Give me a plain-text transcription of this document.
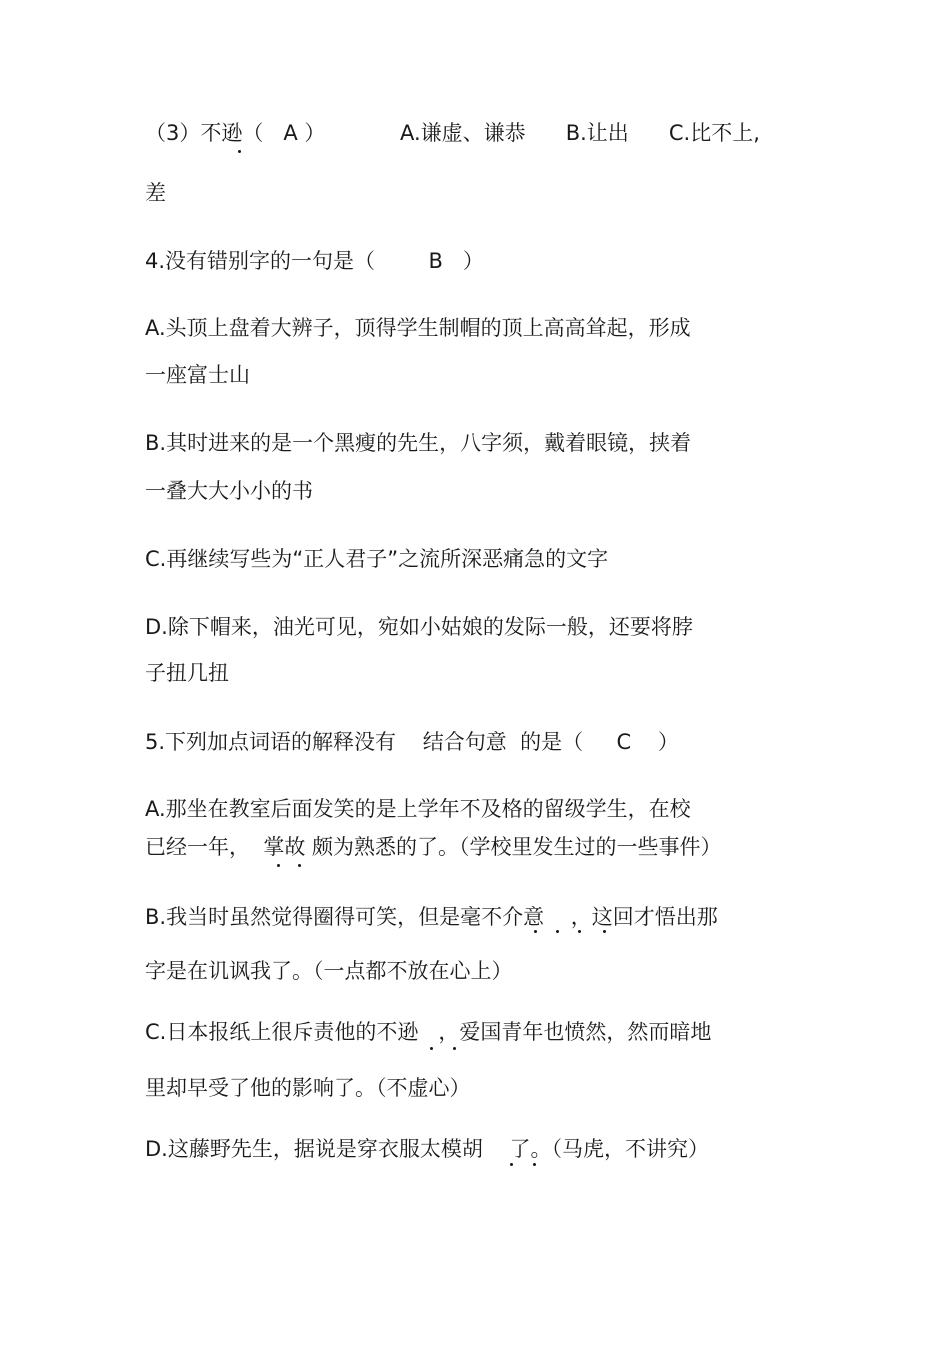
（3）不逊（   A ）	A.谦虚、谦恭      B.让出      C.比不上,
差
4.没有错别字的一句是（        B   ）
A.头顶上盘着大辨子，顶得学生制帽的顶上高高耸起，形成
一座富士山
B.其时进来的是一个黑瘦的先生，八字须，戴着眼镜，挟着
一叠大大小小的书
C.再继续写些为“正人君子”之流所深恶痛急的文字
D.除下帽来，油光可见，宛如小姑娘的发际一般，还要将脖
子扭几扭
5.下列加点词语的解释没有    结合句意  的是（     C    ）
A.那坐在教室后面发笑的是上学年不及格的留级学生，在校
已经一年，  掌故 颇为熟悉的了。（学校里发生过的一些事件）
B.我当时虽然觉得圈得可笑，但是毫不介意    ，这回才悟出那
字是在讥讽我了。（一点都不放在心上）
C.日本报纸上很斥责他的不逊   ，爱国青年也愤然，然而暗地
里却早受了他的影响了。（不虚心）
D.这藤野先生，据说是穿衣服太模胡    了。（马虎，不讲究）
